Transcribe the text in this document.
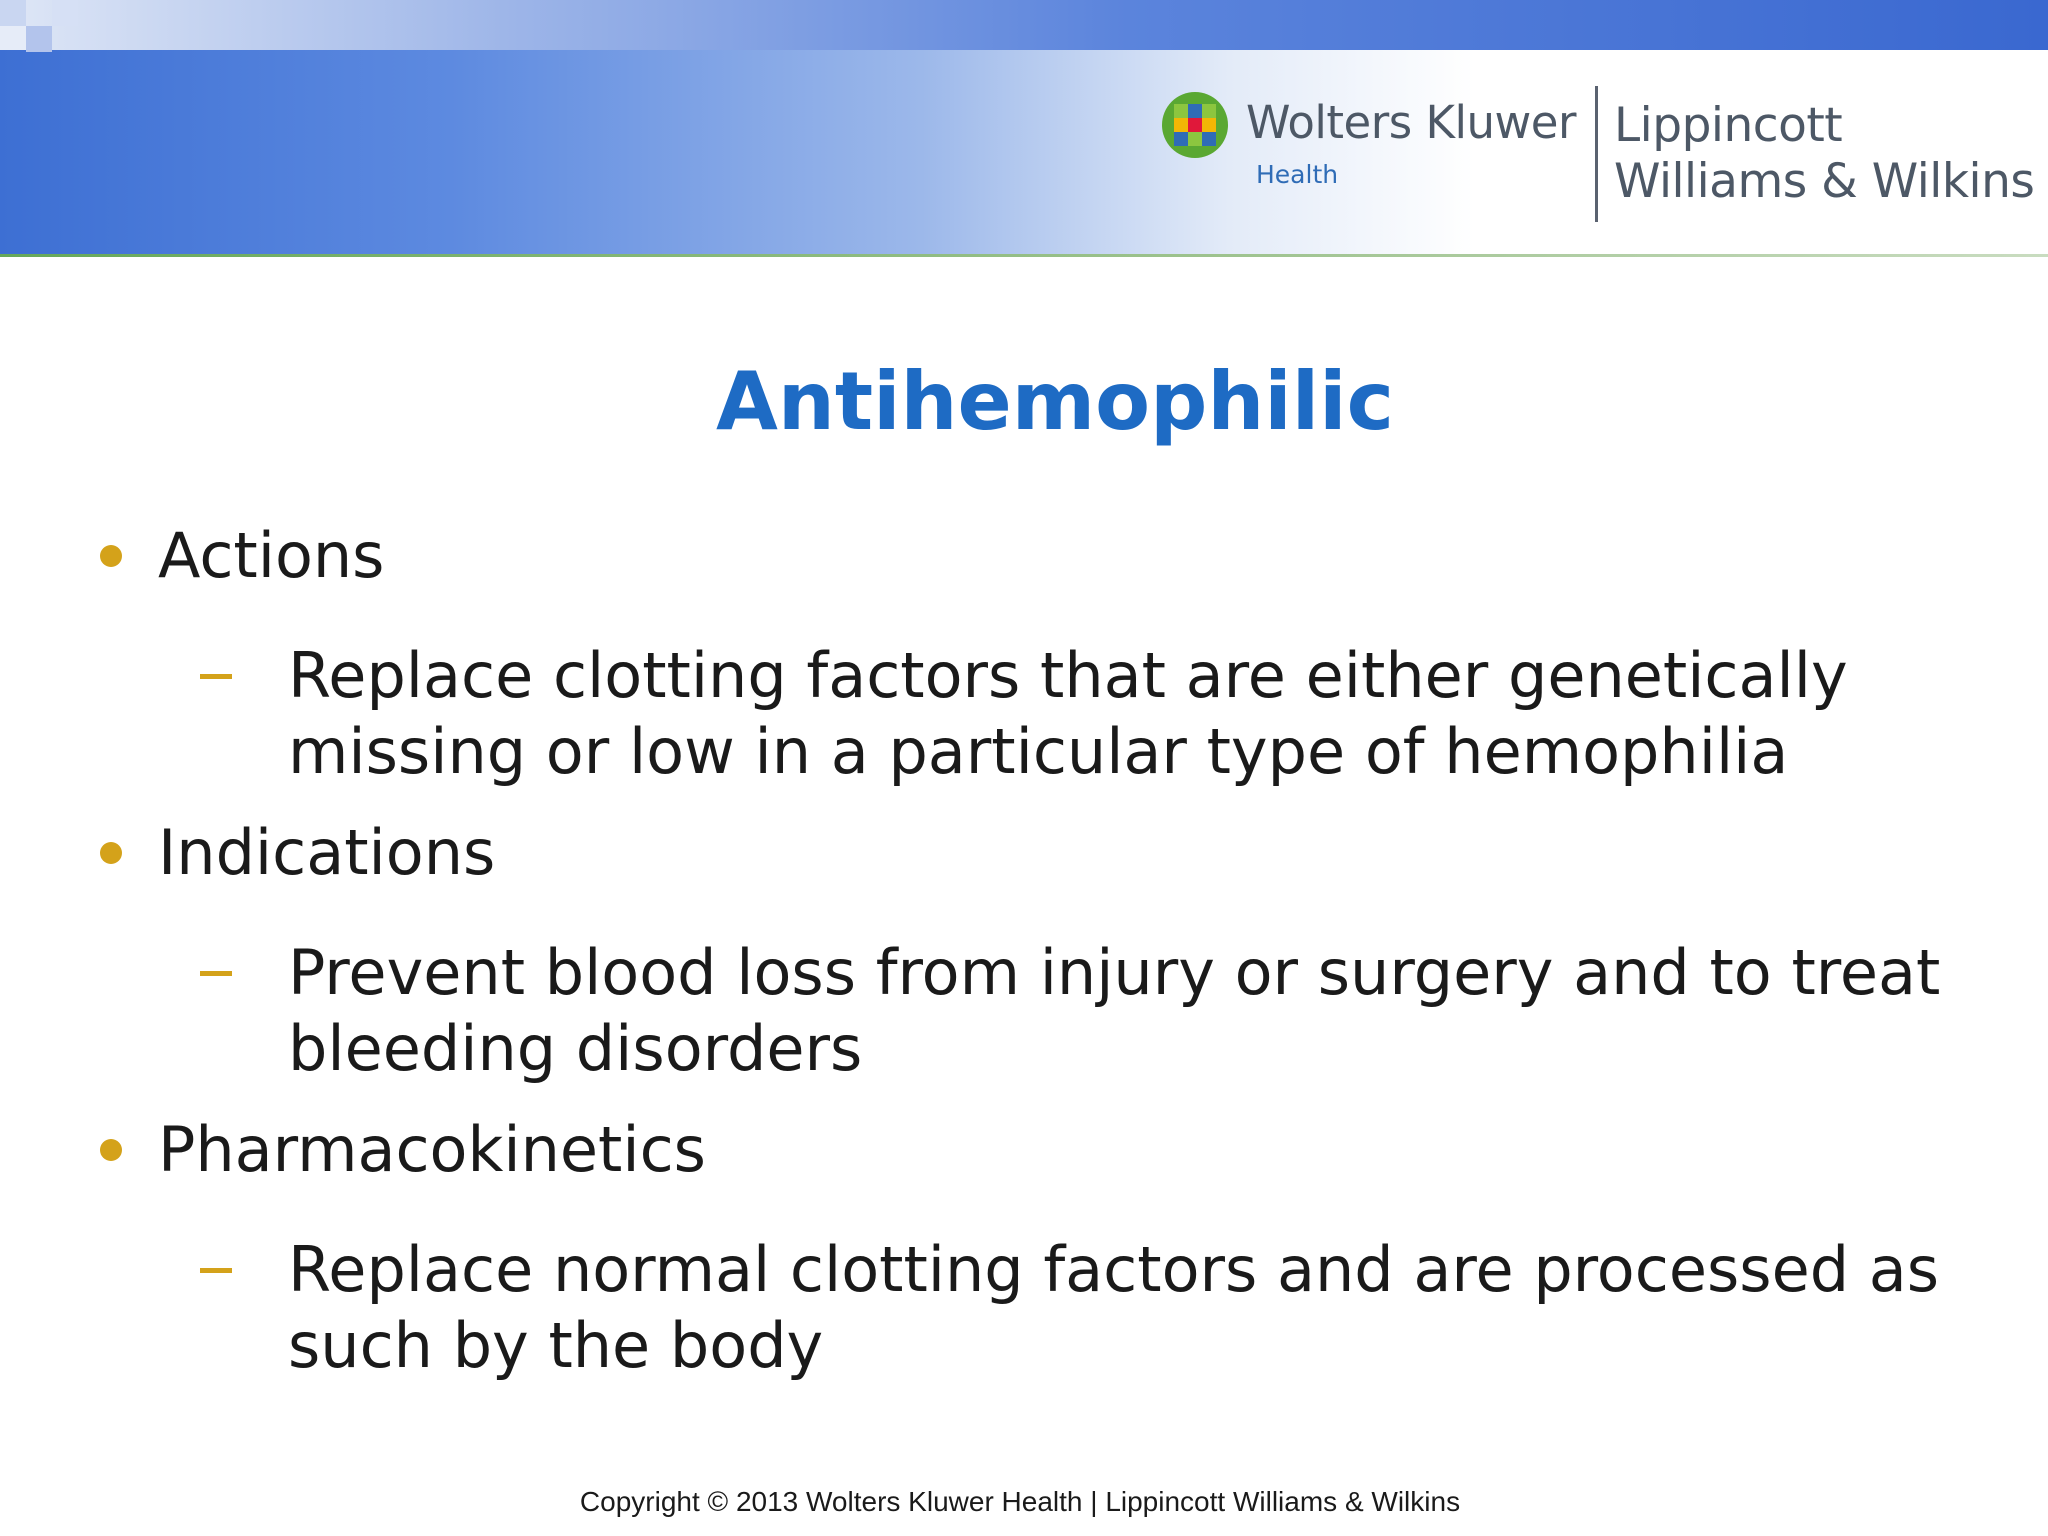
Wolters Kluwer
Health
Lippincott
Williams & Wilkins
Antihemophilic
Actions
Replace clotting factors that are either genetically missing or low in a particular type of hemophilia
Indications
Prevent blood loss from injury or surgery and to treat bleeding disorders
Pharmacokinetics
Replace normal clotting factors and are processed as such by the body
Copyright © 2013 Wolters Kluwer Health | Lippincott Williams & Wilkins
